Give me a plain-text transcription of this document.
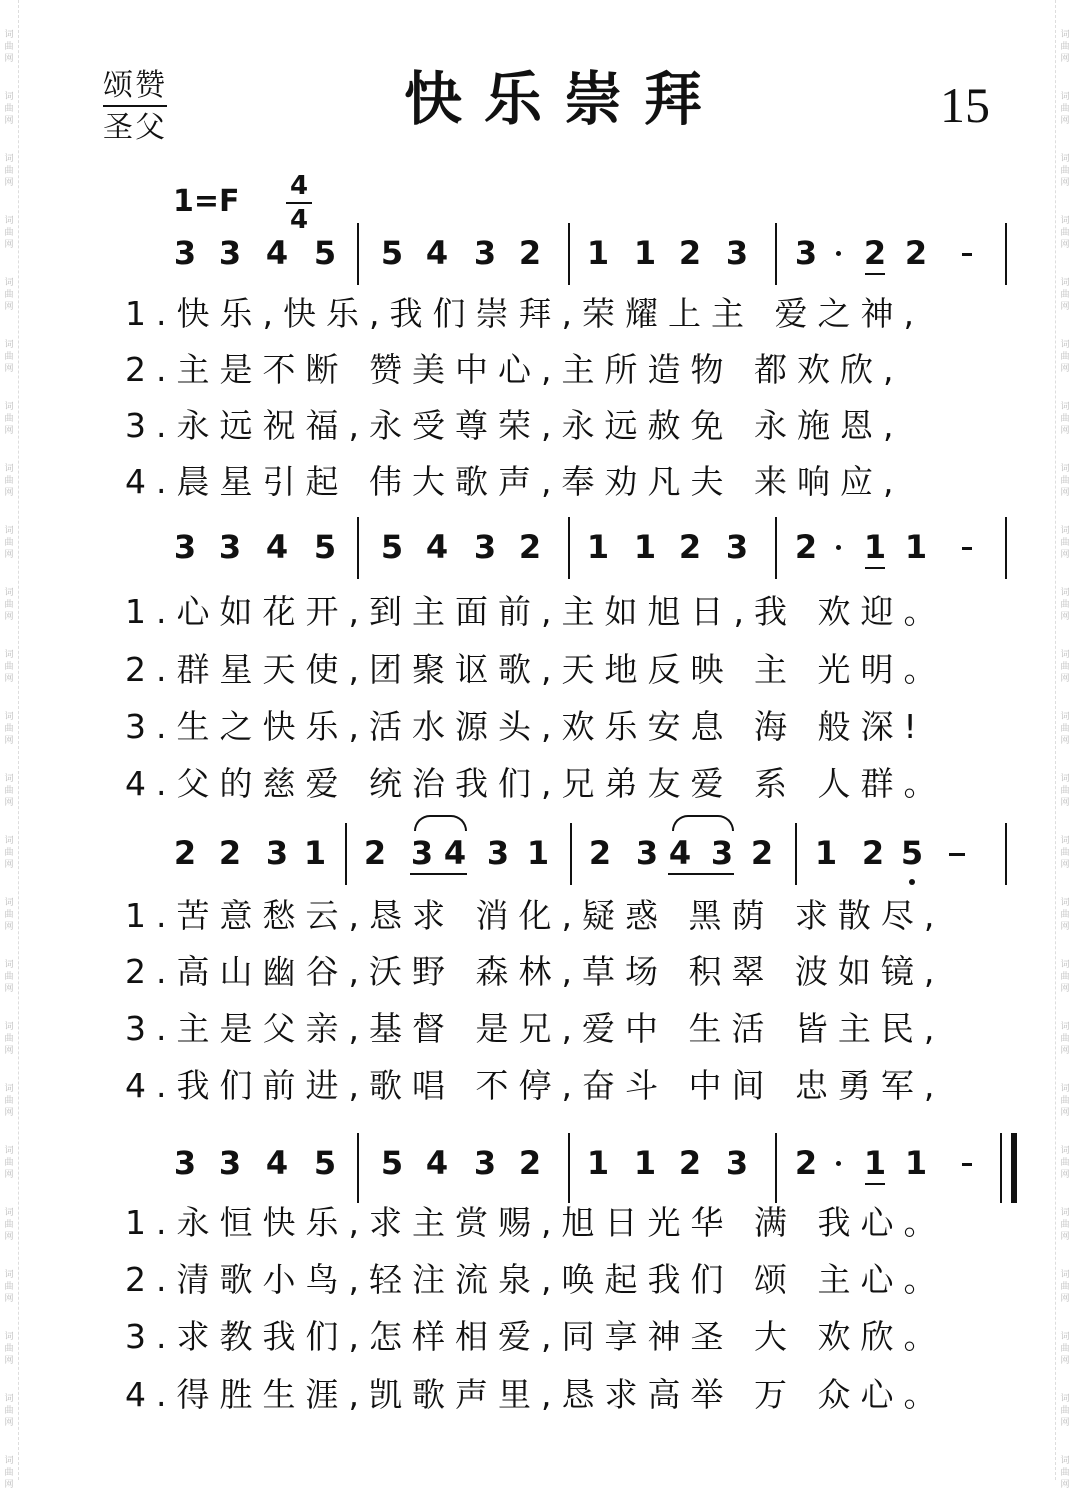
词
曲
网
词
曲
网
词
曲
网
词
曲
网
词
曲
网
词
曲
网
词
曲
网
词
曲
网
词
曲
网
词
曲
网
词
曲
网
词
曲
网
词
曲
网
词
曲
网
词
曲
网
词
曲
网
词
曲
网
词
曲
网
词
曲
网
词
曲
网
词
曲
网
词
曲
网
词
曲
网
词
曲
网
词
曲
网
词
曲
网
词
曲
网
词
曲
网
词
曲
网
词
曲
网
词
曲
网
词
曲
网
词
曲
网
词
曲
网
词
曲
网
词
曲
网
词
曲
网
词
曲
网
词
曲
网
词
曲
网
词
曲
网
词
曲
网
词
曲
网
词
曲
网
词
曲
网
词
曲
网
词
曲
网
词
曲
网
颂赞
圣父	快乐崇拜	15
1=F 4
4
1.快乐,快乐,我们崇拜,荣耀上主 爱之神,
2.主是不断 赞美中心,主所造物 都欢欣,
3.永远祝福,永受尊荣,永远赦免 永施恩,
4.晨星引起 伟大歌声,奉劝凡夫 来响应,
1.心如花开,到主面前,主如旭日,我 欢迎。
2.群星天使,团聚讴歌,天地反映 主 光明。
3.生之快乐,活水源头,欢乐安息 海 般深!
4.父的慈爱 统治我们,兄弟友爱 系 人群。
1.苦意愁云,恳求 消化,疑惑 黑荫 求散尽,
2.高山幽谷,沃野 森林,草场 积翠 波如镜,
3.主是父亲,基督 是兄,爱中 生活 皆主民,
4.我们前进,歌唱 不停,奋斗 中间 忠勇军,
1.永恒快乐,求主赏赐,旭日光华 满 我心。
2.清歌小鸟,轻注流泉,唤起我们 颂 主心。
3.求教我们,怎样相爱,同享神圣 大 欢欣。
4.得胜生涯,凯歌声里,恳求高举 万 众心。
3 3 4 5 5 4 3 2 1 1 2 3 3 2 2
3 3 4 5 5 4 3 2 1 1 2 3 2 1 1
2 2 3 1 2 3 4 3 1 2 3 4 3 2 1 2 5
3 3 4 5 5 4 3 2 1 1 2 3 2 1 1
